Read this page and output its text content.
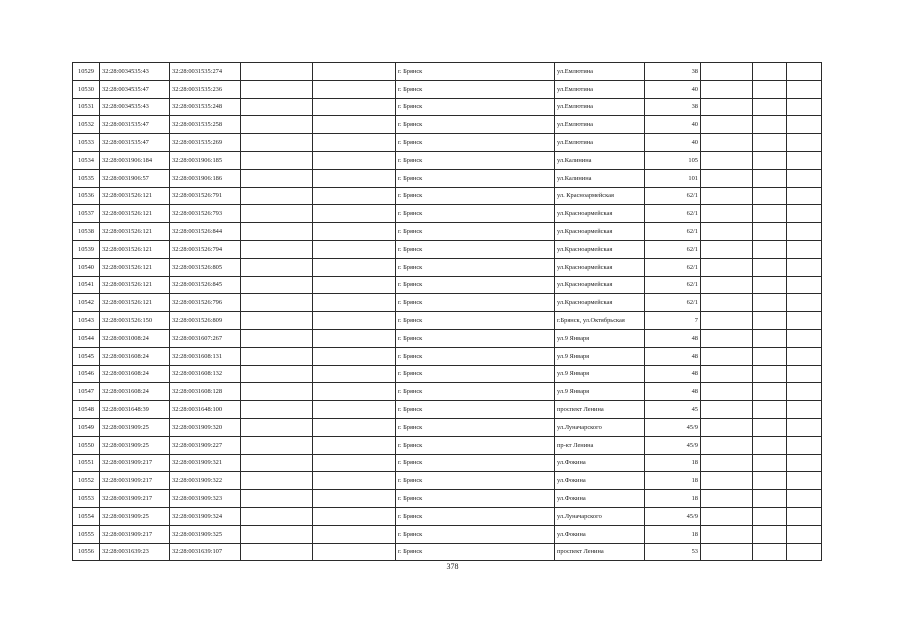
10529	32:28:0034535:43	32:28:0031535:274			г. Брянск	ул.Емлютина	38			
10530	32:28:0034535:47	32:28:0031535:236			г. Брянск	ул.Емлютина	40			
10531	32:28:0034535:43	32:28:0031535:248			г. Брянск	ул.Емлютина	38			
10532	32:28:0031535:47	32:28:0031535:258			г. Брянск	ул.Емлютина	40			
10533	32:28:0031535:47	32:28:0031535:269			г. Брянск	ул.Емлютина	40			
10534	32:28:0031906:184	32:28:0031906:185			г. Брянск	ул.Калинина	105			
10535	32:28:0031906:57	32:28:0031906:186			г. Брянск	ул.Калинина	101			
10536	32:28:0031526:121	32:28:0031526:791			г. Брянск	ул. Красноармейская	62/1			
10537	32:28:0031526:121	32:28:0031526:793			г. Брянск	ул.Красноармейская	62/1			
10538	32:28:0031526:121	32:28:0031526:844			г. Брянск	ул.Красноармейская	62/1			
10539	32:28:0031526:121	32:28:0031526:794			г. Брянск	ул.Красноармейская	62/1			
10540	32:28:0031526:121	32:28:0031526:805			г. Брянск	ул.Красноармейская	62/1			
10541	32:28:0031526:121	32:28:0031526:845			г. Брянск	ул.Красноармейская	62/1			
10542	32:28:0031526:121	32:28:0031526:796			г. Брянск	ул.Красноармейская	62/1			
10543	32:28:0031526:150	32:28:0031526:809			г. Брянск	г.Брянск, ул.Октябрьская	7			
10544	32:28:0031008:24	32:28:0031607:267			г. Брянск	ул.9 Января	48			
10545	32:28:0031608:24	32:28:0031608:131			г. Брянск	ул.9 Января	48			
10546	32:28:0031608:24	32:28:0031608:132			г. Брянск	ул.9 Января	48			
10547	32:28:0031608:24	32:28:0031608:128			г. Брянск	ул.9 Января	48			
10548	32:28:0031648:39	32:28:0031648:100			г. Брянск	проспект Ленина	45			
10549	32:28:0031909:25	32:28:0031909:320			г. Брянск	ул.Луначарского	45/9			
10550	32:28:0031909:25	32:28:0031909:227			г. Брянск	пр-кт Ленина	45/9			
10551	32:28:0031909:217	32:28:0031909:321			г. Брянск	ул.Фокина	18			
10552	32:28:0031909:217	32:28:0031909:322			г. Брянск	ул.Фокина	18			
10553	32:28:0031909:217	32:28:0031909:323			г. Брянск	ул.Фокина	18			
10554	32:28:0031909:25	32:28:0031909:324			г. Брянск	ул.Луначарского	45/9			
10555	32:28:0031909:217	32:28:0031909:325			г. Брянск	ул.Фокина	18			
10556	32:28:0031639:23	32:28:0031639:107			г. Брянск	проспект Ленина	53			
378
